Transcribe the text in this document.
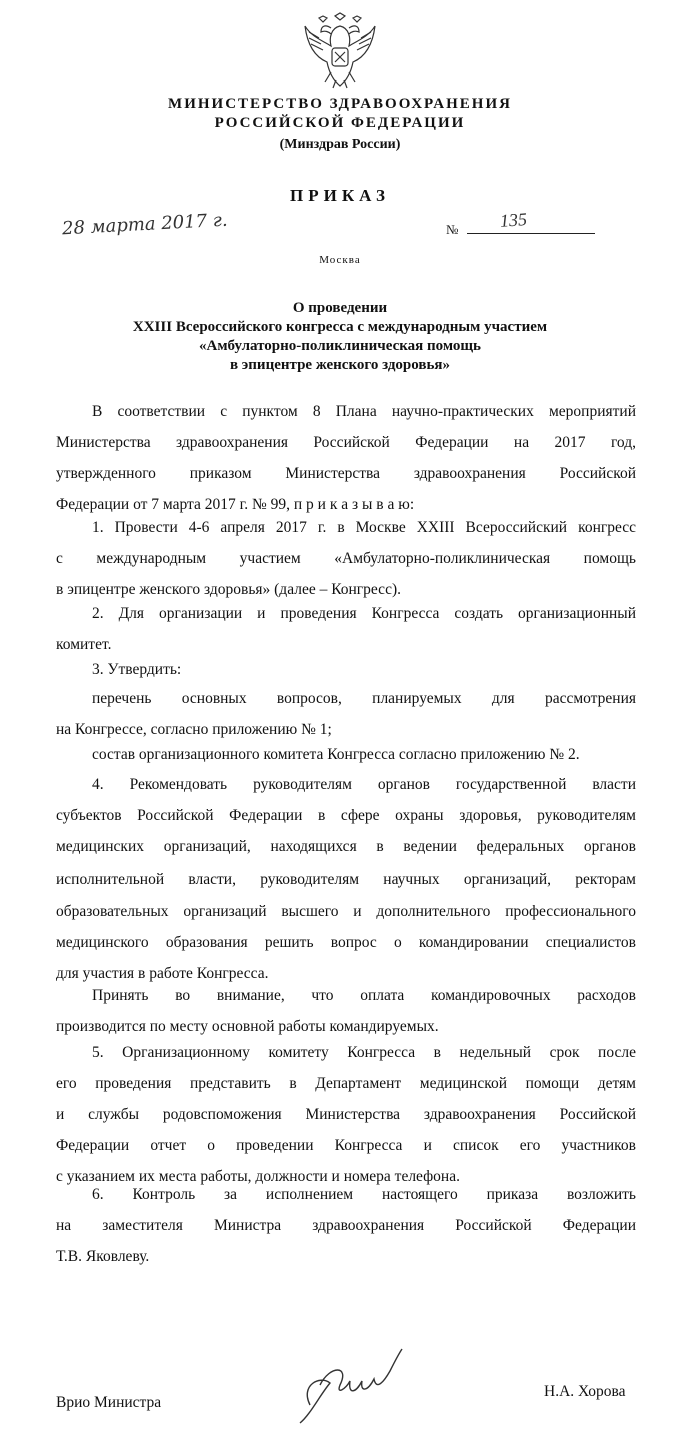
МИНИСТЕРСТВО ЗДРАВООХРАНЕНИЯ
РОССИЙСКОЙ ФЕДЕРАЦИИ
(Минздрав России)
ПРИКАЗ
28 марта 2017 г.	№ 135
Москва
О проведении
XXIII Всероссийского конгресса с международным участием
«Амбулаторно-поликлиническая помощь
в эпицентре женского здоровья»
В соответствии с пунктом 8 Плана научно-практических мероприятий
Министерства здравоохранения Российской Федерации на 2017 год,
утвержденного приказом Министерства здравоохранения Российской
Федерации от 7 марта 2017 г. № 99, п р и к а з ы в а ю:
1. Провести 4-6 апреля 2017 г. в Москве XXIII Всероссийский конгресс
с международным участием «Амбулаторно-поликлиническая помощь
в эпицентре женского здоровья» (далее – Конгресс).
2. Для организации и проведения Конгресса создать организационный
комитет.
3. Утвердить:
перечень основных вопросов, планируемых для рассмотрения
на Конгрессе, согласно приложению № 1;
состав организационного комитета Конгресса согласно приложению № 2.
4. Рекомендовать руководителям органов государственной власти
субъектов Российской Федерации в сфере охраны здоровья, руководителям
медицинских организаций, находящихся в ведении федеральных органов
исполнительной власти, руководителям научных организаций, ректорам
образовательных организаций высшего и дополнительного профессионального
медицинского образования решить вопрос о командировании специалистов
для участия в работе Конгресса.
Принять во внимание, что оплата командировочных расходов
производится по месту основной работы командируемых.
5. Организационному комитету Конгресса в недельный срок после
его проведения представить в Департамент медицинской помощи детям
и службы родовспоможения Министерства здравоохранения Российской
Федерации отчет о проведении Конгресса и список его участников
с указанием их места работы, должности и номера телефона.
6. Контроль за исполнением настоящего приказа возложить
на заместителя Министра здравоохранения Российской Федерации
Т.В. Яковлеву.
Врио Министра
Н.А. Хорова
